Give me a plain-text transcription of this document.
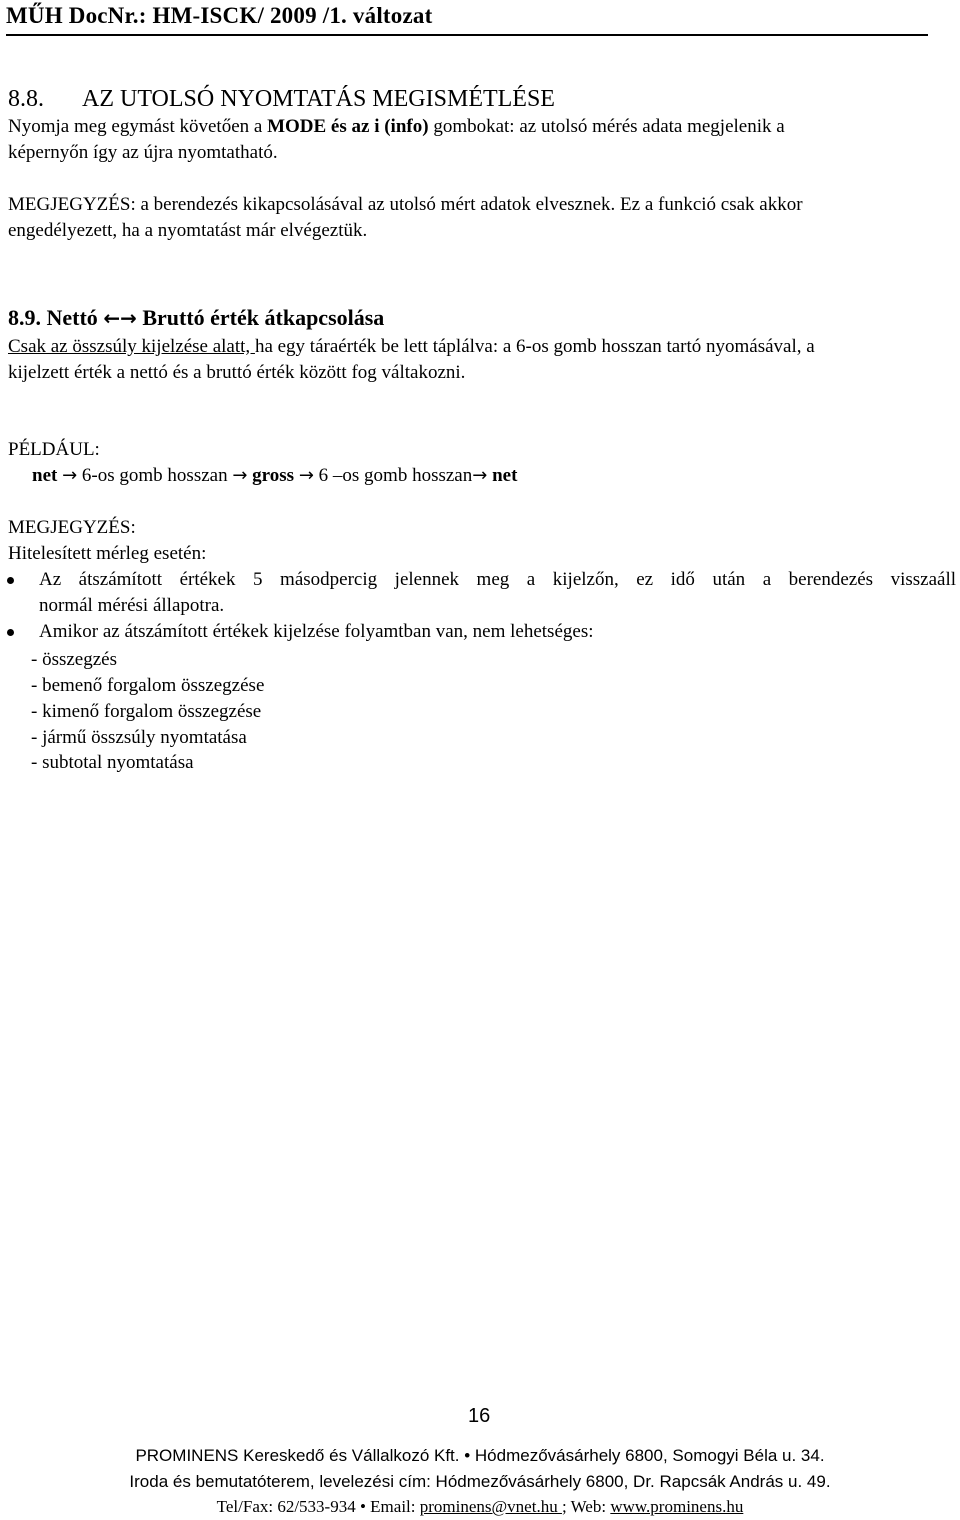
MŰH DocNr.: HM-ISCK/ 2009 /1. változat
8.8. AZ UTOLSÓ NYOMTATÁS MEGISMÉTLÉSE
Nyomja meg egymást követően a MODE és az i (info) gombokat: az utolsó mérés adata megjelenik a
képernyőn így az újra nyomtatható.
MEGJEGYZÉS: a berendezés kikapcsolásával az utolsó mért adatok elvesznek. Ez a funkció csak akkor
engedélyezett, ha a nyomtatást már elvégeztük.
8.9. Nettó ←→ Bruttó érték átkapcsolása
Csak az összsúly kijelzése alatt, ha egy táraérték be lett táplálva: a 6-os gomb hosszan tartó nyomásával, a
kijelzett érték a nettó és a bruttó érték között fog váltakozni.
PÉLDÁUL:
net → 6-os gomb hosszan → gross → 6 –os gomb hosszan→ net
MEGJEGYZÉS:
Hitelesített mérleg esetén:
Az átszámított értékek 5 másodpercig jelennek meg a kijelzőn, ez idő után a berendezés visszaáll
normál mérési állapotra.
Amikor az átszámított értékek kijelzése folyamtban van, nem lehetséges:
- összegzés
- bemenő forgalom összegzése
- kimenő forgalom összegzése
- jármű összsúly nyomtatása
- subtotal nyomtatása
16
PROMINENS Kereskedő és Vállalkozó Kft. • Hódmezővásárhely 6800, Somogyi Béla u. 34.
Iroda és bemutatóterem, levelezési cím: Hódmezővásárhely 6800, Dr. Rapcsák András u. 49.
Tel/Fax: 62/533-934 • Email: prominens@vnet.hu ; Web: www.prominens.hu
